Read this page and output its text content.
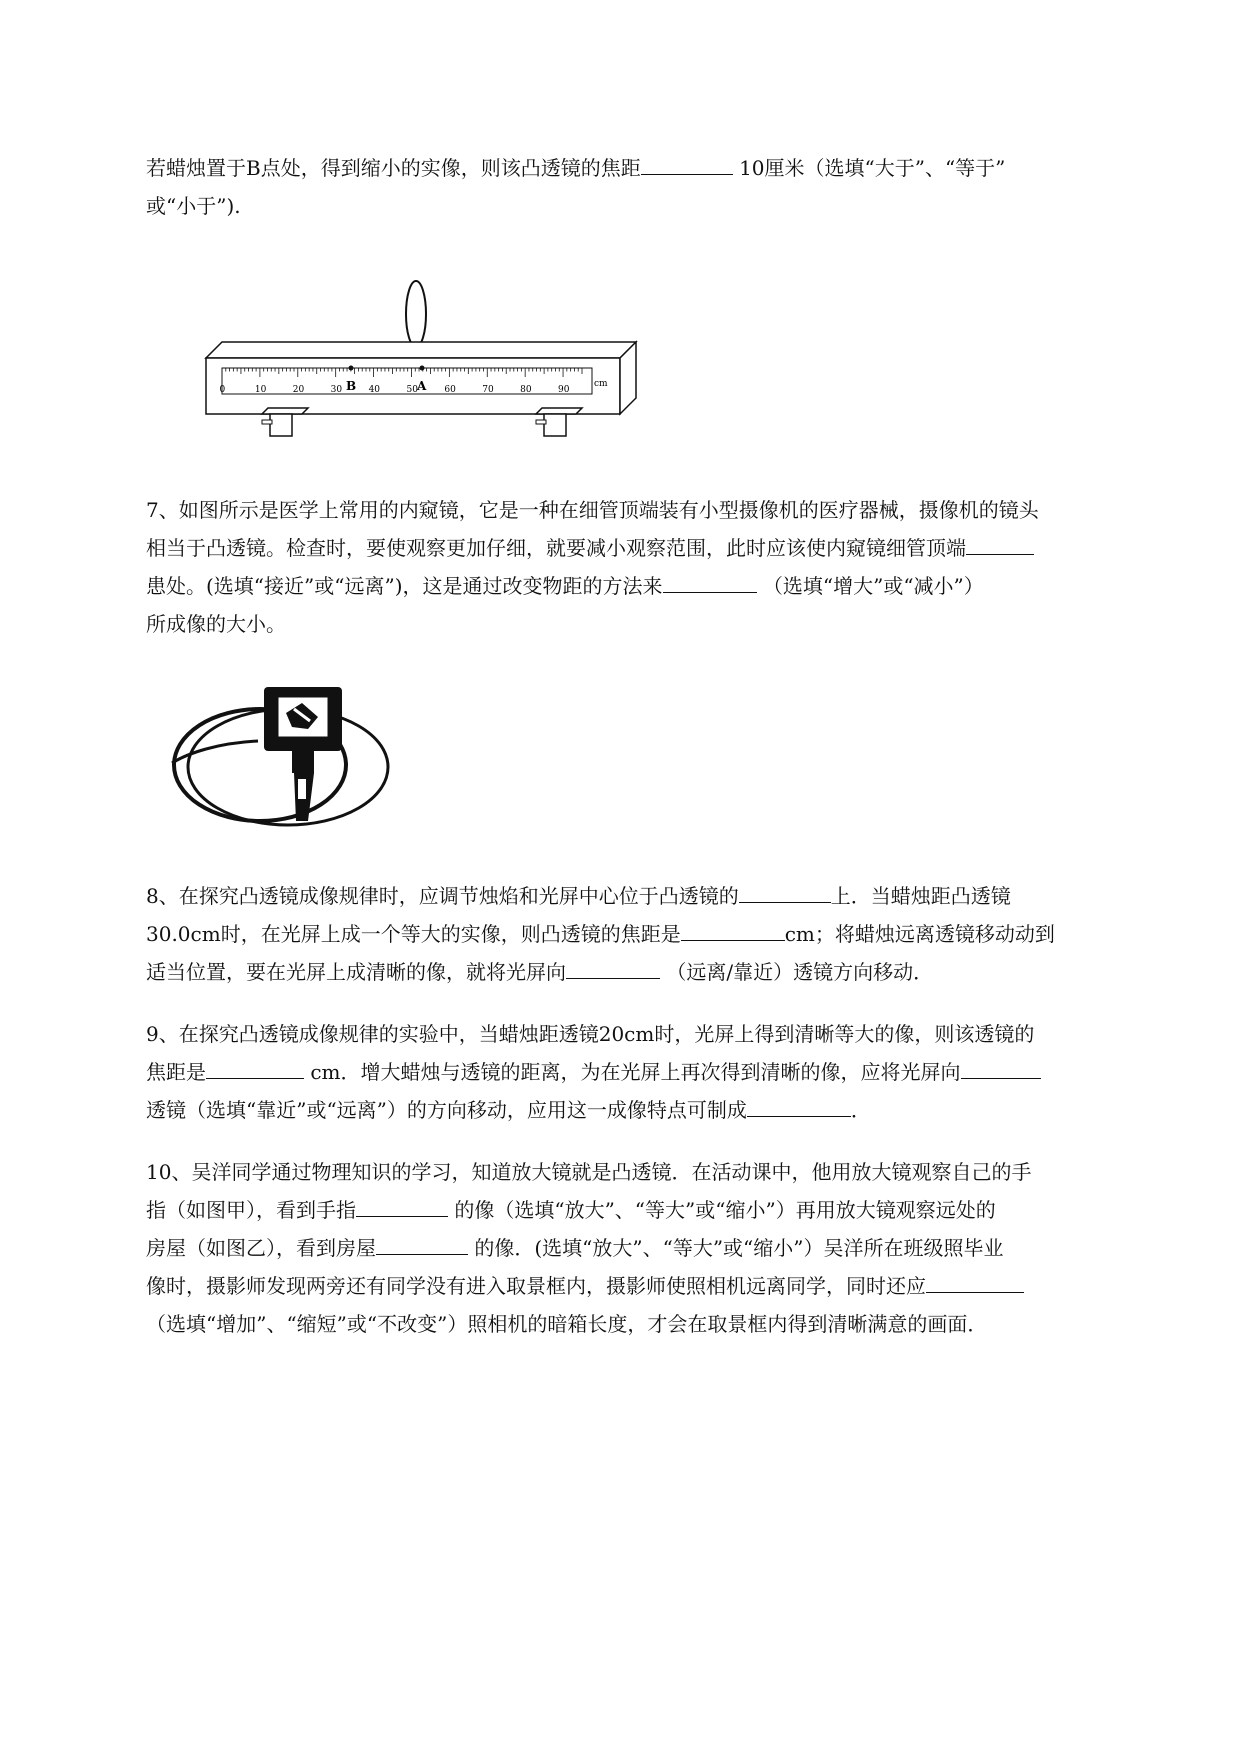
若蜡烛置于B点处，得到缩小的实像，则该凸透镜的焦距	10厘米（选填“大于”、“等于”
或“小于”).
B	A
0	10	20	30	40	50	60	70	80	90
cm
7、如图所示是医学上常用的内窥镜，它是一种在细管顶端装有小型摄像机的医疗器械，摄像机的镜头
相当于凸透镜。检查时，要使观察更加仔细，就要减小观察范围，此时应该使内窥镜细管顶端
患处。(选填“接近”或“远离”)，这是通过改变物距的方法来	（选填“增大”或“减小”）
所成像的大小。
8、在探究凸透镜成像规律时，应调节烛焰和光屏中心位于凸透镜的	上．当蜡烛距凸透镜
30.0cm时，在光屏上成一个等大的实像，则凸透镜的焦距是	cm；将蜡烛远离透镜移动动到
适当位置，要在光屏上成清晰的像，就将光屏向	（远离/靠近）透镜方向移动．
9、在探究凸透镜成像规律的实验中，当蜡烛距透镜20cm时，光屏上得到清晰等大的像，则该透镜的
焦距是	cm．增大蜡烛与透镜的距离，为在光屏上再次得到清晰的像，应将光屏向
透镜（选填“靠近”或“远离”）的方向移动，应用这一成像特点可制成	．
10、吴洋同学通过物理知识的学习，知道放大镜就是凸透镜．在活动课中，他用放大镜观察自己的手
指（如图甲），看到手指	的像（选填“放大”、“等大”或“缩小”）再用放大镜观察远处的
房屋（如图乙），看到房屋	的像．(选填“放大”、“等大”或“缩小”）吴洋所在班级照毕业
像时，摄影师发现两旁还有同学没有进入取景框内，摄影师使照相机远离同学，同时还应
（选填“增加”、“缩短”或“不改变”）照相机的暗箱长度，才会在取景框内得到清晰满意的画面．
